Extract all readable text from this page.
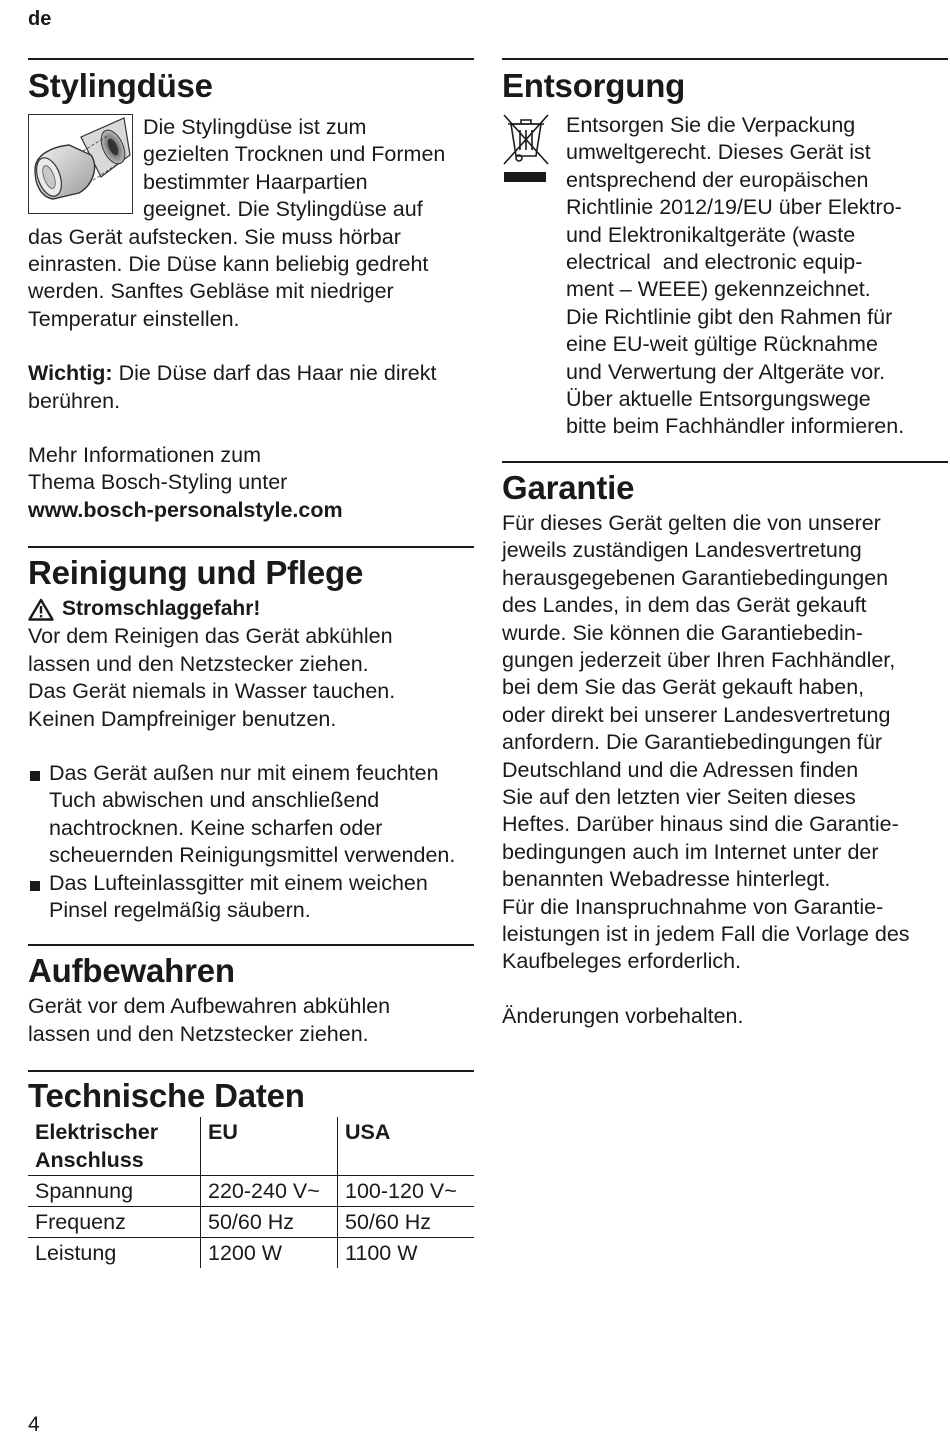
de
Stylingdüse

Die Stylingdüse ist zum

gezielten Trocknen und Formen

bestimmter Haarpartien

geeignet. Die Stylingdüse auf

das Gerät aufstecken. Sie muss hörbar

einrasten. Die Düse kann beliebig gedreht

werden. Sanftes Gebläse mit niedriger

Temperatur einstellen.

Wichtig: Die Düse darf das Haar nie direkt

berühren.

Mehr Informationen zum

Thema Bosch-Styling unter

www.bosch-personalstyle.com

Reinigung und Pflege
Stromschlaggefahr!

Vor dem Reinigen das Gerät abkühlen

lassen und den Netzstecker ziehen.

Das Gerät niemals in Wasser tauchen.

Keinen Dampfreiniger benutzen.

Das Gerät außen nur mit einem feuchten
Tuch abwischen und anschließend
nachtrocknen. Keine scharfen oder
scheuernden Reinigungsmittel verwenden.
Das Lufteinlassgitter mit einem weichen
Pinsel regelmäßig säubern.
Aufbewahren

Gerät vor dem Aufbewahren abkühlen

lassen und den Netzstecker ziehen.

Technische Daten
Elektrischer
Anschluss	EU	USA
Spannung	220-240 V~	100-120 V~
Frequenz	50/60 Hz	50/60 Hz
Leistung	1200 W	1100 W
Entsorgung

Entsorgen Sie die Verpackung

umweltgerecht. Dieses Gerät ist

entsprechend der europäischen

Richtlinie 2012/19/EU über Elektro-

und Elektronikaltgeräte (waste

electrical  and electronic equip-

ment – WEEE) gekennzeichnet.

Die Richtlinie gibt den Rahmen für

eine EU-weit gültige Rücknahme

und Verwertung der Altgeräte vor.

Über aktuelle Entsorgungswege

bitte beim Fachhändler informieren.

Garantie

Für dieses Gerät gelten die von unserer

jeweils zuständigen Landesvertretung

herausgegebenen Garantiebedingungen

des Landes, in dem das Gerät gekauft

wurde. Sie können die Garantiebedin-

gungen jederzeit über Ihren Fachhändler,

bei dem Sie das Gerät gekauft haben,

oder direkt bei unserer Landesvertretung

anfordern. Die Garantiebedingungen für

Deutschland und die Adressen finden

Sie auf den letzten vier Seiten dieses

Heftes. Darüber hinaus sind die Garantie-

bedingungen auch im Internet unter der

benannten Webadresse hinterlegt.

Für die Inanspruchnahme von Garantie-

leistungen ist in jedem Fall die Vorlage des

Kaufbeleges erforderlich.

Änderungen vorbehalten.

4
